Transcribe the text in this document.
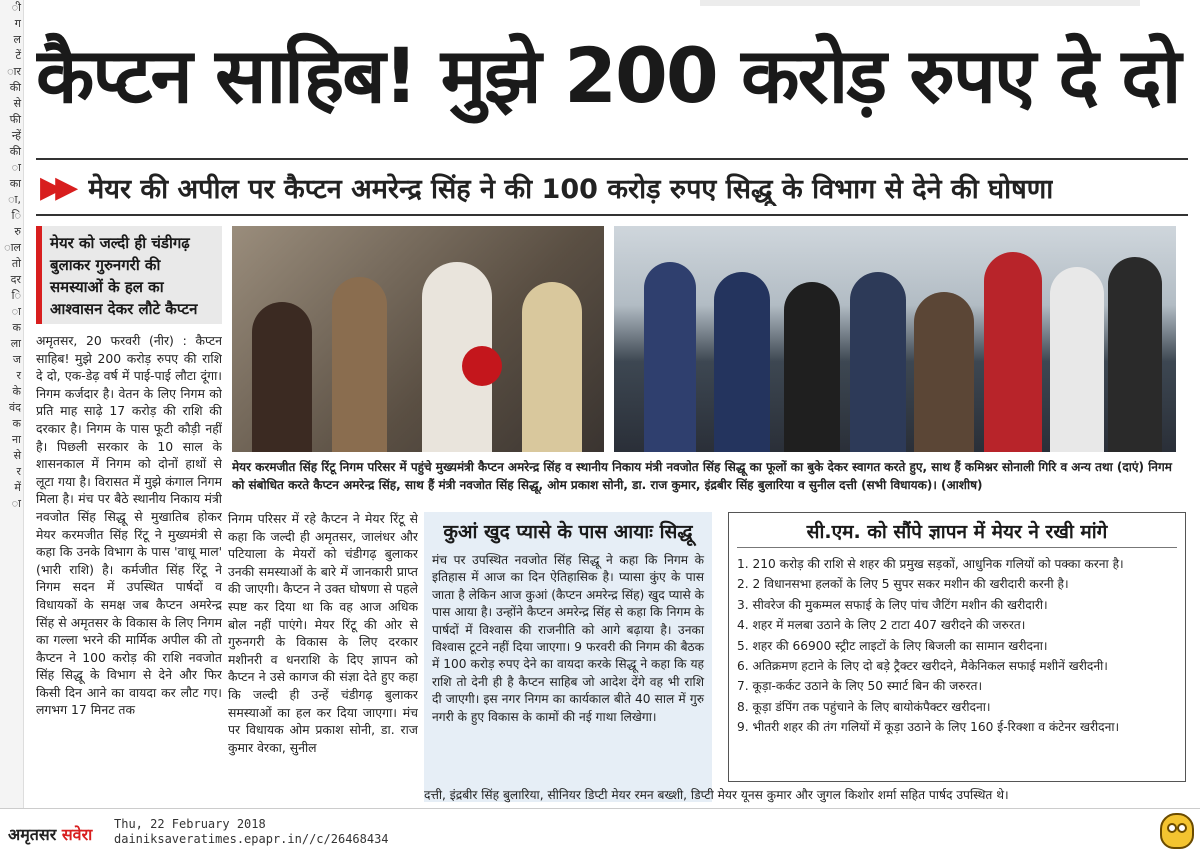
ी
ग
ल
टें
ार
की
से
फी
न्हें
की
ा
का
ा,
ि
रु
ाल
तो
दर
ि
ा
क
ला
ज
र
के
वंद
क
ना
से
र
में
ा
कैप्टन साहिब! मुझे 200 करोड़ रुपए दे दो
▶▶ मेयर की अपील पर कैप्टन अमरेन्द्र सिंह ने की 100 करोड़ रुपए सिद्धू के विभाग से देने की घोषणा
मेयर को जल्दी ही चंडीगढ़ बुलाकर गुरुनगरी की समस्याओं के हल का आश्वासन देकर लौटे कैप्टन
मेयर करमजीत सिंह रिंटू निगम परिसर में पहुंचे मुख्यमंत्री कैप्टन अमरेन्द्र सिंह व स्थानीय निकाय मंत्री नवजोत सिंह सिद्धू का फूलों का बुके देकर स्वागत करते हुए, साथ हैं कमिश्नर सोनाली गिरि व अन्य तथा (दाएं) निगम को संबोधित करते कैप्टन अमरेन्द्र सिंह, साथ हैं मंत्री नवजोत सिंह सिद्धू, ओम प्रकाश सोनी, डा. राज कुमार, इंद्रबीर सिंह बुलारिया व सुनील दत्ती (सभी विधायक)। (आशीष)
अमृतसर, 20 फरवरी (नीर) : कैप्टन साहिब! मुझे 200 करोड़ रुपए की राशि दे दो, एक-डेढ़ वर्ष में पाई-पाई लौटा दूंगा। निगम कर्जदार है। वेतन के लिए निगम को प्रति माह साढ़े 17 करोड़ की राशि की दरकार है। निगम के पास फूटी कौड़ी नहीं है। पिछली सरकार के 10 साल के शासनकाल में निगम को दोनों हाथों से लूटा गया है। विरासत में मुझे कंगाल निगम मिला है। मंच पर बैठे स्थानीय निकाय मंत्री नवजोत सिंह सिद्धू से मुखातिब होकर मेयर करमजीत सिंह रिंटू ने मुख्यमंत्री से कहा कि उनके विभाग के पास 'वाधू माल' (भारी राशि) है। कर्मजीत सिंह रिंटू ने निगम सदन में उपस्थित पार्षदों व विधायकों के समक्ष जब कैप्टन अमरेन्द्र सिंह से अमृतसर के विकास के लिए निगम का गल्ला भरने की मार्मिक अपील की तो कैप्टन ने 100 करोड़ की राशि नवजोत सिंह सिद्धू के विभाग से देने और फिर किसी दिन आने का वायदा कर लौट गए। लगभग 17 मिनट तक
निगम परिसर में रहे कैप्टन ने मेयर रिंटू से कहा कि जल्दी ही अमृतसर, जालंधर और पटियाला के मेयरों को चंडीगढ़ बुलाकर उनकी समस्याओं के बारे में जानकारी प्राप्त की जाएगी। कैप्टन ने उक्त घोषणा से पहले स्पष्ट कर दिया था कि वह आज अधिक बोल नहीं पाएंगे। मेयर रिंटू की ओर से गुरुनगरी के विकास के लिए दरकार मशीनरी व धनराशि के दिए ज्ञापन को कैप्टन ने उसे कागज की संज्ञा देते हुए कहा कि जल्दी ही उन्हें चंडीगढ़ बुलाकर समस्याओं का हल कर दिया जाएगा। मंच पर विधायक ओम प्रकाश सोनी, डा. राज कुमार वेरका, सुनील
कुआं खुद प्यासे के पास आयाः सिद्धू
मंच पर उपस्थित नवजोत सिंह सिद्धू ने कहा कि निगम के इतिहास में आज का दिन ऐतिहासिक है। प्यासा कुंए के पास जाता है लेकिन आज कुआं (कैप्टन अमरेन्द्र सिंह) खुद प्यासे के पास आया है। उन्होंने कैप्टन अमरेन्द्र सिंह से कहा कि निगम के पार्षदों में विश्वास की राजनीति को आगे बढ़ाया है। उनका विश्वास टूटने नहीं दिया जाएगा। 9 फरवरी की निगम की बैठक में 100 करोड़ रुपए देने का वायदा करके सिद्धू ने कहा कि यह राशि तो देनी ही है कैप्टन साहिब जो आदेश देंगे वह भी राशि दी जाएगी। इस नगर निगम का कार्यकाल बीते 40 साल में गुरु नगरी के हुए विकास के कामों की नई गाथा लिखेगा।
सी.एम. को सौंपे ज्ञापन में मेयर ने रखी मांगे
1. 210 करोड़ की राशि से शहर की प्रमुख सड़कों, आधुनिक गलियों को पक्का करना है।
2. 2 विधानसभा हलकों के लिए 5 सुपर सकर मशीन की खरीदारी करनी है।
3. सीवरेज की मुकम्मल सफाई के लिए पांच जैटिंग मशीन की खरीदारी।
4. शहर में मलबा उठाने के लिए 2 टाटा 407 खरीदने की जरुरत।
5. शहर की 66900 स्ट्रीट लाइटों के लिए बिजली का सामान खरीदना।
6. अतिक्रमण हटाने के लिए दो बड़े ट्रैक्टर खरीदने, मैकेनिकल सफाई मशीनें खरीदनी।
7. कूड़ा-कर्कट उठाने के लिए 50 स्मार्ट बिन की जरुरत।
8. कूड़ा डंपिंग तक पहुंचाने के लिए बायोकंपैक्टर खरीदना।
9. भीतरी शहर की तंग गलियों में कूड़ा उठाने के लिए 160 ई-रिक्शा व कंटेनर खरीदना।
दत्ती, इंद्रबीर सिंह बुलारिया, सीनियर डिप्टी मेयर रमन बख्शी, डिप्टी मेयर यूनस कुमार और जुगल किशोर शर्मा सहित पार्षद उपस्थित थे।
अमृतसर सवेरा
Thu, 22 February 2018
dainiksaveratimes.epapr.in//c/26468434
